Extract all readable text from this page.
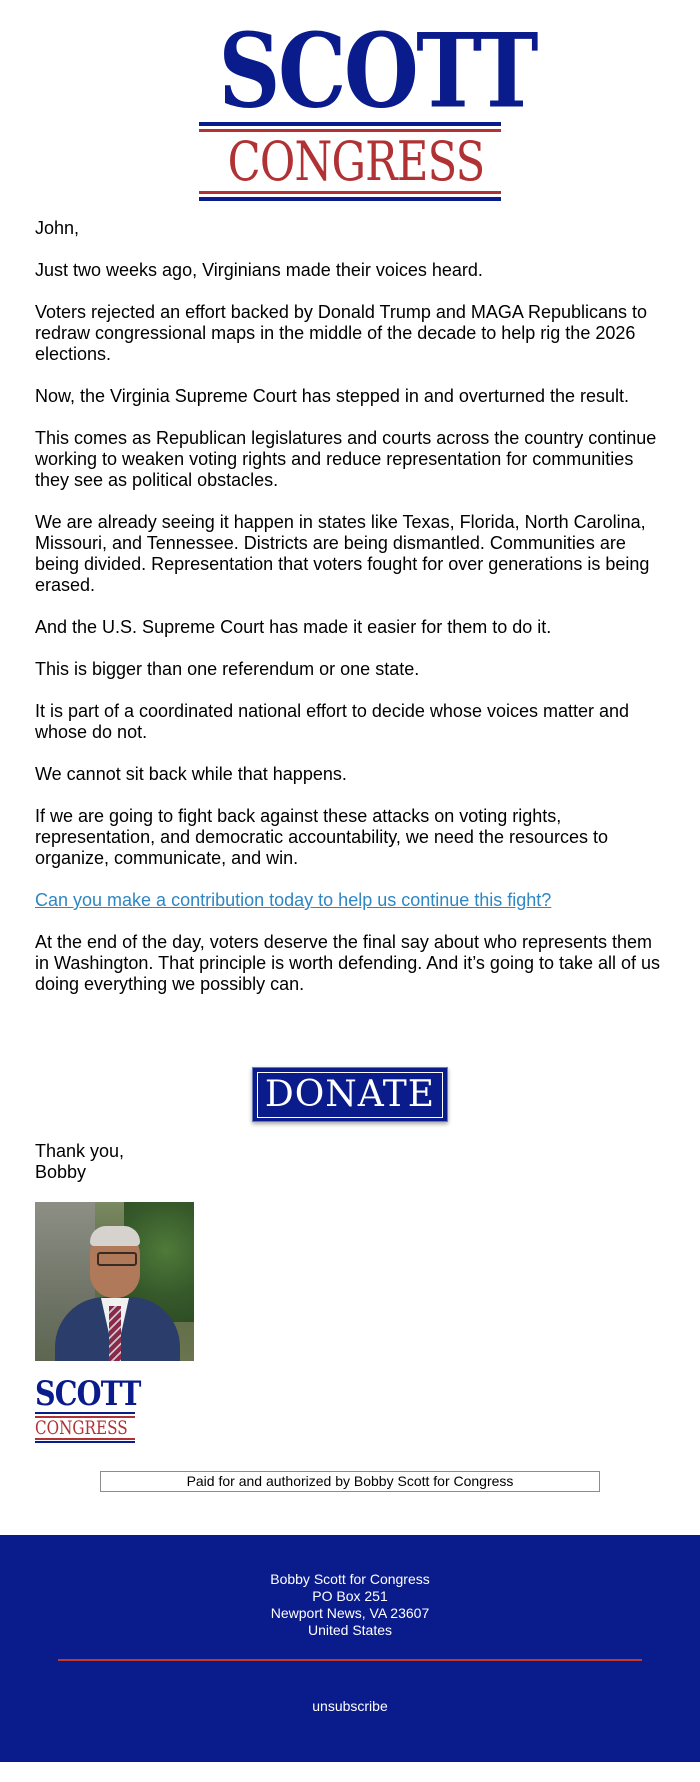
SCOTT
CONGRESS

John,

Just two weeks ago, Virginians made their voices heard.

Voters rejected an effort backed by Donald Trump and MAGA Republicans to redraw congressional maps in the middle of the decade to help rig the 2026 elections.

Now, the Virginia Supreme Court has stepped in and overturned the result.

This comes as Republican legislatures and courts across the country continue working to weaken voting rights and reduce representation for communities they see as political obstacles.

We are already seeing it happen in states like Texas, Florida, North Carolina, Missouri, and Tennessee. Districts are being dismantled. Communities are being divided. Representation that voters fought for over generations is being erased.

And the U.S. Supreme Court has made it easier for them to do it.

This is bigger than one referendum or one state.

It is part of a coordinated national effort to decide whose voices matter and whose do not.

We cannot sit back while that happens.

If we are going to fight back against these attacks on voting rights, representation, and democratic accountability, we need the resources to organize, communicate, and win.

Can you make a contribution today to help us continue this fight?

At the end of the day, voters deserve the final say about who represents them in Washington. That principle is worth defending. And it’s going to take all of us doing everything we possibly can.

DONATE
Thank you,
Bobby
SCOTT
CONGRESS
Paid for and authorized by Bobby Scott for Congress
Bobby Scott for Congress
PO Box 251
Newport News, VA 23607
United States
unsubscribe
